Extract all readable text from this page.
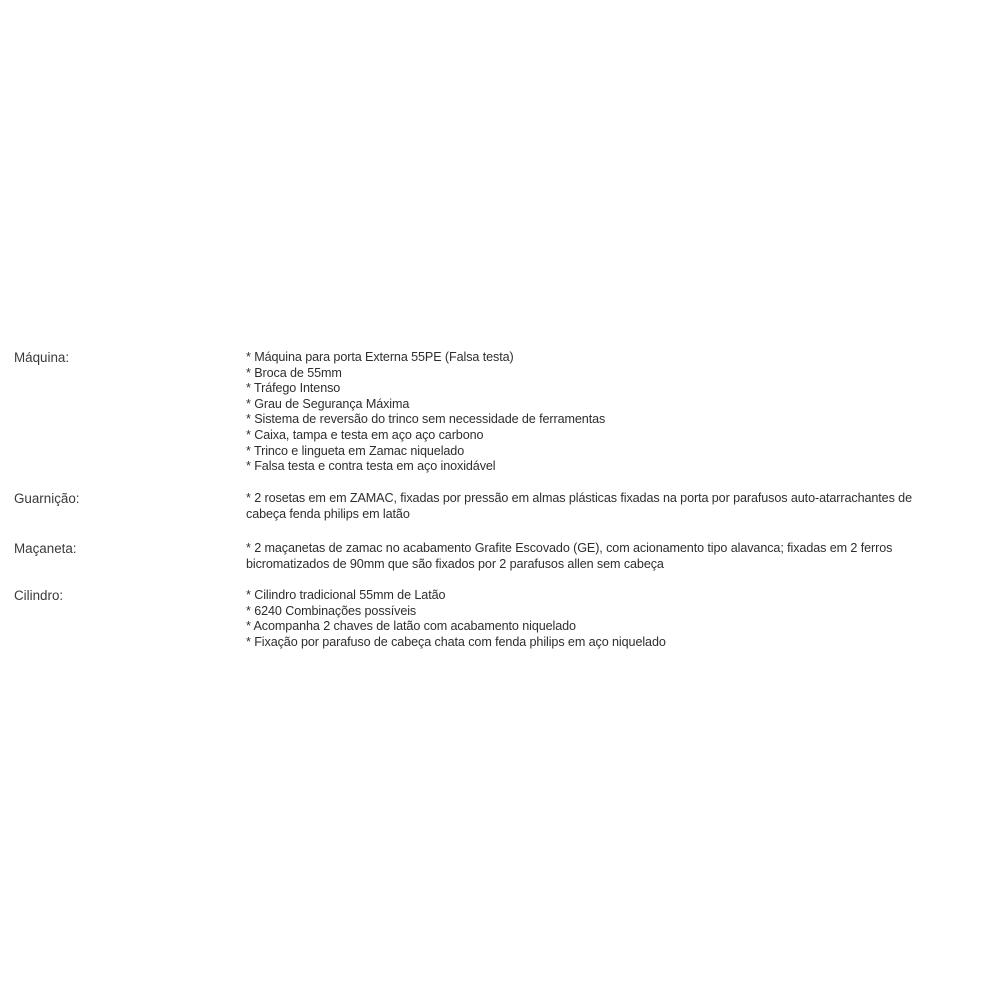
Máquina:	* Máquina para porta Externa 55PE (Falsa testa)
* Broca de 55mm
* Tráfego Intenso
* Grau de Segurança Máxima
* Sistema de reversão do trinco sem necessidade de ferramentas
* Caixa, tampa e testa em aço aço carbono
* Trinco e lingueta em Zamac niquelado
* Falsa testa e contra testa em aço inoxidável
Guarnição:	* 2 rosetas em em ZAMAC, fixadas por pressão em almas plásticas fixadas na porta por parafusos auto-atarrachantes de
cabeça fenda philips em latão
Maçaneta:	* 2 maçanetas de zamac no acabamento Grafite Escovado (GE), com acionamento tipo alavanca; fixadas em 2 ferros
bicromatizados de 90mm que são fixados por 2 parafusos allen sem cabeça
Cilindro:	* Cilindro tradicional 55mm de Latão
* 6240 Combinações possíveis
* Acompanha 2 chaves de latão com acabamento niquelado
* Fixação por parafuso de cabeça chata com fenda philips em aço niquelado
